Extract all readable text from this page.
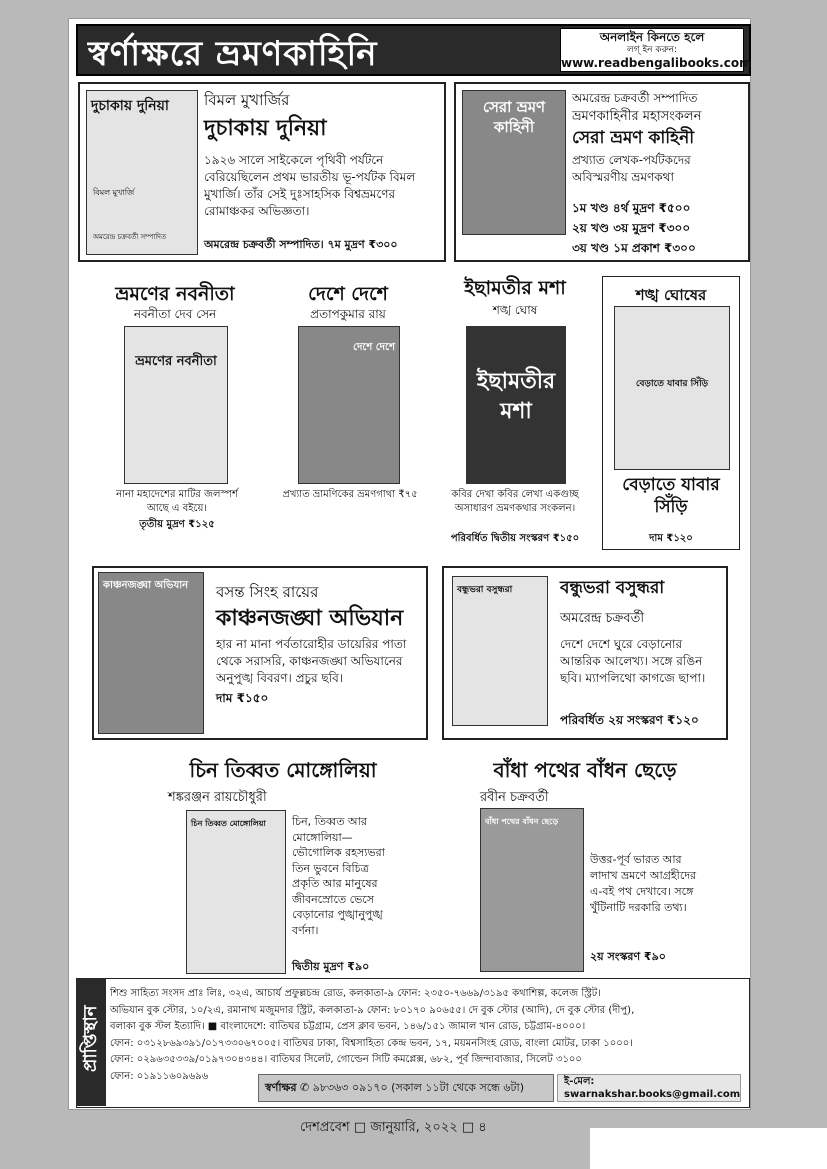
স্বর্ণাক্ষরে ভ্রমণকাহিনি	অনলাইন কিনতে হলে
লগ্ ইন করুন:
www.readbengalibooks.com
দুচাকায় দুনিয়া
বিমল মুখার্জি
অমরেন্দ্র চক্রবর্তী সম্পাদিত
বিমল মুখার্জির
দুচাকায় দুনিয়া
১৯২৬ সালে সাইকেলে পৃথিবী পর্যটনে বেরিয়েছিলেন প্রথম ভারতীয় ভূ-পর্যটক বিমল মুখার্জি। তাঁর সেই দুঃসাহসিক বিশ্বভ্রমণের রোমাঞ্চকর অভিজ্ঞতা।
অমরেন্দ্র চক্রবর্তী সম্পাদিত। ৭ম মুদ্রণ ₹৩০০
সেরা ভ্রমণ কাহিনী
অমরেন্দ্র চক্রবর্তী সম্পাদিত
ভ্রমণকাহিনীর মহাসংকলন
সেরা ভ্রমণ কাহিনী
প্রখ্যাত লেখক-পর্যটকদের অবিস্মরণীয় ভ্রমণকথা
১ম খণ্ড ৪র্থ মুদ্রণ ₹৫০০
২য় খণ্ড ৩য় মুদ্রণ ₹৩০০
৩য় খণ্ড ১ম প্রকাশ ₹৩০০
ভ্রমণের নবনীতা
নবনীতা দেব সেন
ভ্রমণের নবনীতা
নানা মহাদেশের মাটির জলস্পর্শ আছে এ বইয়ে।
তৃতীয় মুদ্রণ ₹১২৫
দেশে দেশে
প্রতাপকুমার রায়
দেশে দেশে
প্রখ্যাত ভ্রামণিকের ভ্রমণগাথা ₹৭৫
ইছামতীর মশা
শঙ্খ ঘোষ
ইছামতীর মশা
কবির দেখা কবির লেখা একগুচ্ছ অসাধারণ ভ্রমণকথার সংকলন।
পরিবর্ধিত দ্বিতীয় সংস্করণ ₹১৫০
শঙ্খ ঘোষের
বেড়াতে যাবার সিঁড়ি
বেড়াতে যাবার সিঁড়ি
দাম ₹১২০
কাঞ্চনজঙ্ঘা অভিযান	বসন্ত সিংহ রায়ের
কাঞ্চনজঙ্ঘা অভিযান
হার না মানা পর্বতারোহীর ডায়েরির পাতা থেকে সরাসরি, কাঞ্চনজঙ্ঘা অভিযানের অনুপুঙ্খ বিবরণ। প্রচুর ছবি।
দাম ₹১৫০
বন্ধুভরা বসুন্ধরা	বন্ধুভরা বসুন্ধরা
অমরেন্দ্র চক্রবর্তী
দেশে দেশে ঘুরে বেড়ানোর আন্তরিক আলেখ্য। সঙ্গে রঙিন ছবি। ম্যাপলিথো কাগজে ছাপা।
পরিবর্ধিত ২য় সংস্করণ ₹১২০
চিন তিব্বত মোঙ্গোলিয়া
শঙ্করঞ্জন রায়চৌধুরী
চিন তিব্বত মোঙ্গোলিয়া	চিন, তিব্বত আর মোঙ্গোলিয়া— ভৌগোলিক রহস্যভরা তিন ভুবনে বিচিত্র প্রকৃতি আর মানুষের জীবনস্রোতে ভেসে বেড়ানোর পুঙ্খানুপুঙ্খ বর্ণনা।
দ্বিতীয় মুদ্রণ ₹৯০
বাঁধা পথের বাঁধন ছেড়ে
রবীন চক্রবর্তী
বাঁধা পথের বাঁধন ছেড়ে
উত্তর-পূর্ব ভারত আর লাদাখ ভ্রমণে আগ্রহীদের এ-বই পথ দেখাবে। সঙ্গে খুঁটিনাটি দরকারি তথ্য।
২য় সংস্করণ ₹৯০
প্রাপ্তিস্থান
শিশু সাহিত্য সংসদ প্রাঃ লিঃ, ৩২এ, আচার্য প্রফুল্লচন্দ্র রোড, কলকাতা-৯ ফোন: ২৩৫০-৭৬৬৯/৩১৯৫ কথাশিল্প, কলেজ স্ট্রিট।
অভিযান বুক স্টোর, ১০/২এ, রমানাথ মজুমদার স্ট্রিট, কলকাতা-৯ ফোন: ৮০১৭০ ৯০৬৫৫। দে বুক স্টোর (আদি), দে বুক স্টোর (দীপু),
বলাকা বুক স্টল ইত্যাদি। ■ বাংলাদেশে: বাতিঘর চট্টগ্রাম, প্রেস ক্লাব ভবন, ১৪৬/১৫১ জামাল খান রোড, চট্টগ্রাম-৪০০০।
ফোন: ০৩১২৮৬৯৩৯১/০১৭৩৩০৬৭০০৫। বাতিঘর ঢাকা, বিশ্বসাহিত্য কেন্দ্র ভবন, ১৭, ময়মনসিংহ রোড, বাংলা মোটর, ঢাকা ১০০০।
ফোন: ০২৯৬৩৫৩৩৯/০১৯৭৩০৪৩৪৪। বাতিঘর সিলেট, গোল্ডেন সিটি কমপ্লেক্স, ৬৮২, পূর্ব জিন্দাবাজার, সিলেট ৩১০০
ফোন: ০১৯১১৬০৯৬৯৬
স্বর্ণাক্ষর ✆ ৯৮৩৬৩ ০৯১৭০ (সকাল ১১টা থেকে সন্ধে ৬টা)	ই-মেল:
swarnakshar.books@gmail.com
দেশপ্রবেশ □ জানুয়ারি, ২০২২ □ ৪
